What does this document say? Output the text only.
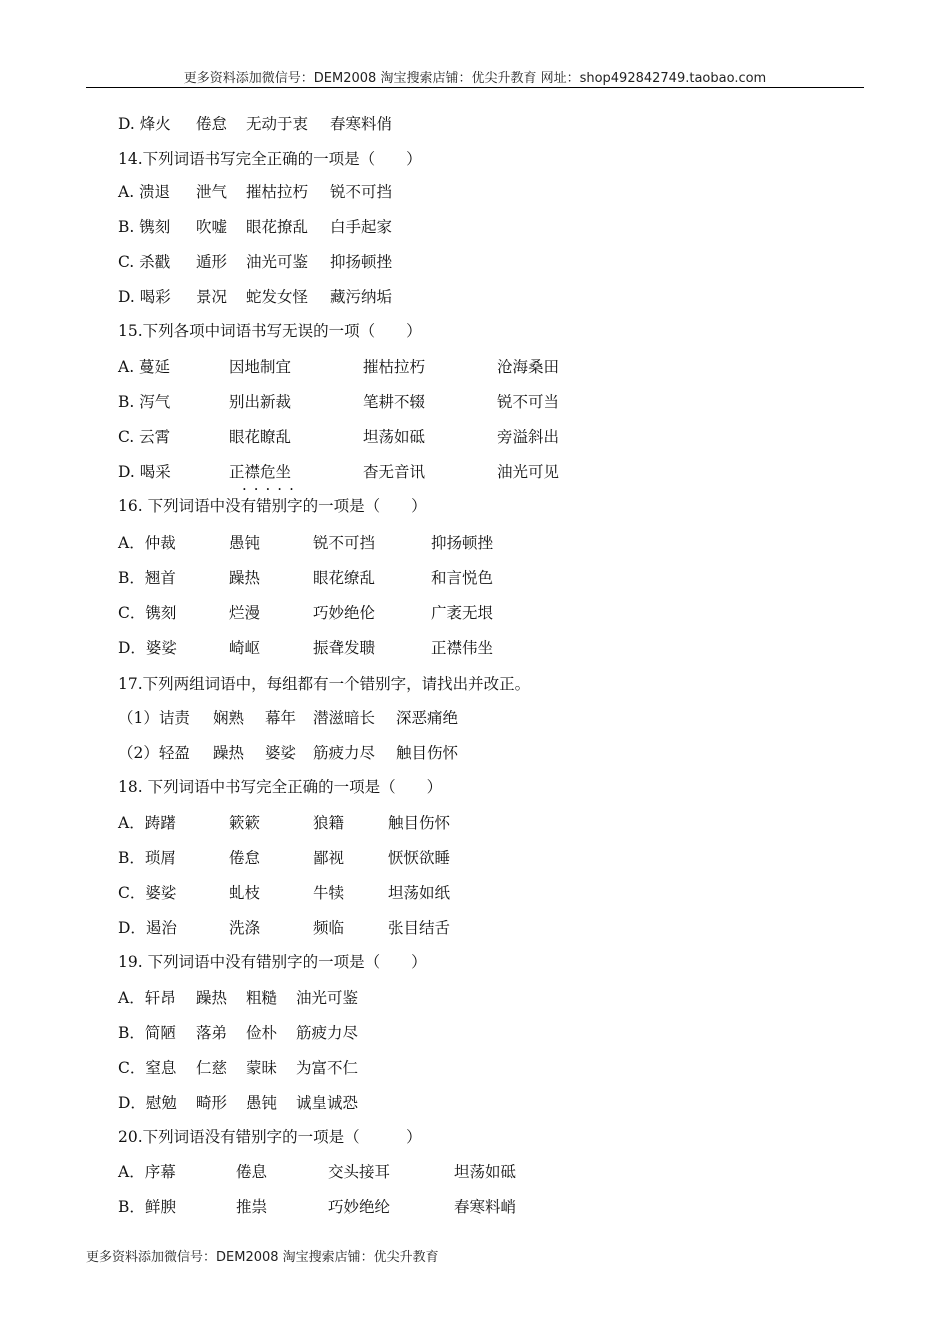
更多资料添加微信号：DEM2008 淘宝搜索店铺：优尖升教育 网址：shop492842749.taobao.com
·····
D. 烽火 倦怠 无动于衷 春寒料俏
14.下列词语书写完全正确的一项是（　　）
A. 溃退 泄气 摧枯拉朽 锐不可挡
B. 镌刻 吹嘘 眼花撩乱 白手起家
C. 杀戳 遁形 油光可鉴 抑扬顿挫
D. 喝彩 景况 蛇发女怪 藏污纳垢
15.下列各项中词语书写无误的一项（　　）
A. 蔓延	因地制宜	摧枯拉朽	沧海桑田
B. 泻气	别出新裁	笔耕不辍	锐不可当
C. 云霄	眼花瞭乱	坦荡如砥	旁溢斜出
D. 喝采	正襟危坐	杳无音讯	油光可见
16. 下列词语中没有错别字的一项是（　　）
A．仲裁	愚钝	锐不可挡	抑扬顿挫
B．翘首	躁热	眼花缭乱	和言悦色
C．镌刻	烂漫	巧妙绝伦	广袤无垠
D．婆娑	崎岖	振聋发聩	正襟伟坐
17.下列两组词语中，每组都有一个错别字，请找出并改正。
（1）诘责 娴熟 幕年 潜滋暗长 深恶痛绝
（2）轻盈 躁热 婆娑 筋疲力尽 触目伤怀
18. 下列词语中书写完全正确的一项是（　　）
A．踌躇	簌簌	狼籍	触目伤怀
B．琐屑	倦怠	鄙视	恹恹欲睡
C．婆娑	虬枝	牛犊	坦荡如纸
D．遏治	洗涤	频临	张目结舌
19. 下列词语中没有错别字的一项是（　　）
A．轩昂 躁热 粗糙 油光可鉴
B．简陋 落弟 俭朴 筋疲力尽
C．窒息 仁慈 蒙昧 为富不仁
D．慰勉 畸形 愚钝 诚皇诚恐
20.下列词语没有错别字的一项是（　　　）
A．序幕	倦息	交头接耳	坦荡如砥
B．鲜腴	推祟	巧妙绝纶	春寒料峭
更多资料添加微信号：DEM2008 淘宝搜索店铺：优尖升教育
